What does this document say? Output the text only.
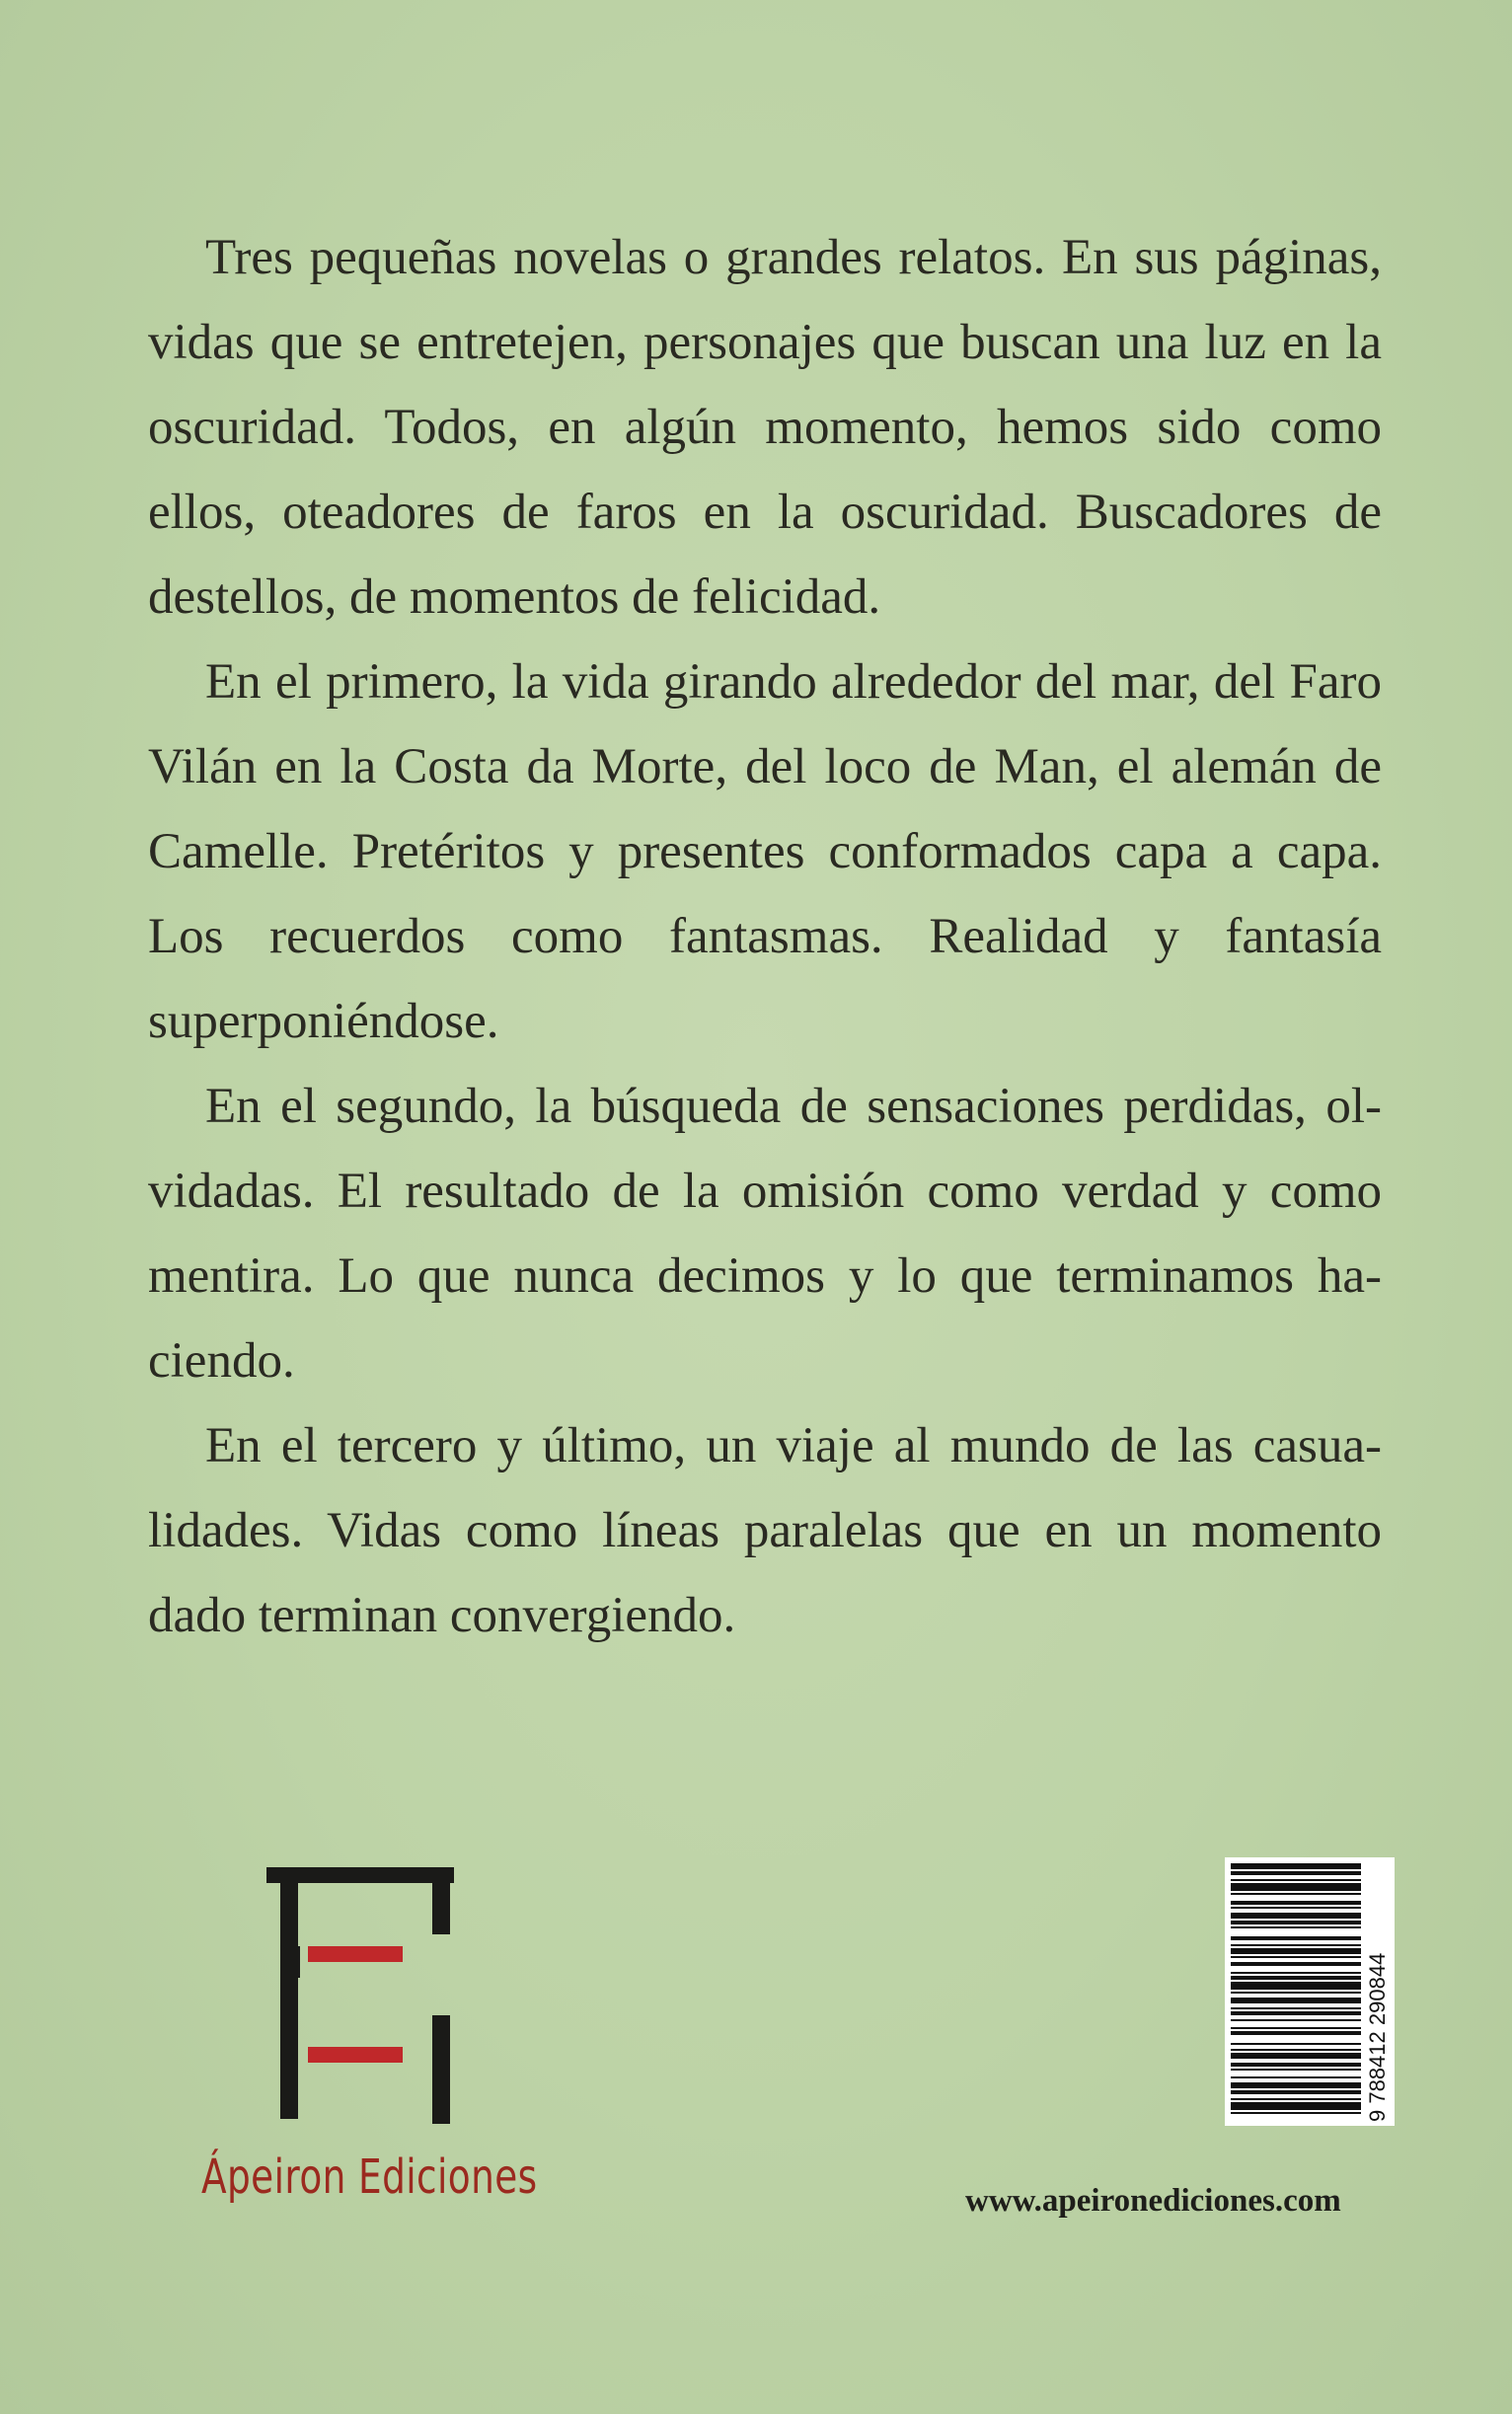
Tres pequeñas novelas o grandes relatos. En sus páginas, vidas que se entretejen, personajes que buscan una luz en la oscuridad. Todos, en algún momento, hemos sido como ellos, oteadores de faros en la oscuridad. Buscadores de destellos, de momentos de felicidad.

En el primero, la vida girando alrededor del mar, del Faro Vilán en la Costa da Morte, del loco de Man, el alemán de Camelle. Pretéritos y presentes conformados capa a capa. Los recuerdos como fantasmas. Realidad y fantasía superponiéndose.

En el segundo, la búsqueda de sensaciones perdidas, olvidadas. El resultado de la omisión como verdad y como mentira. Lo que nunca decimos y lo que terminamos haciendo.

En el tercero y último, un viaje al mundo de las casualidades. Vidas como líneas paralelas que en un momento dado terminan convergiendo.

Ápeiron Ediciones
9 788412 290844
www.apeironediciones.com
